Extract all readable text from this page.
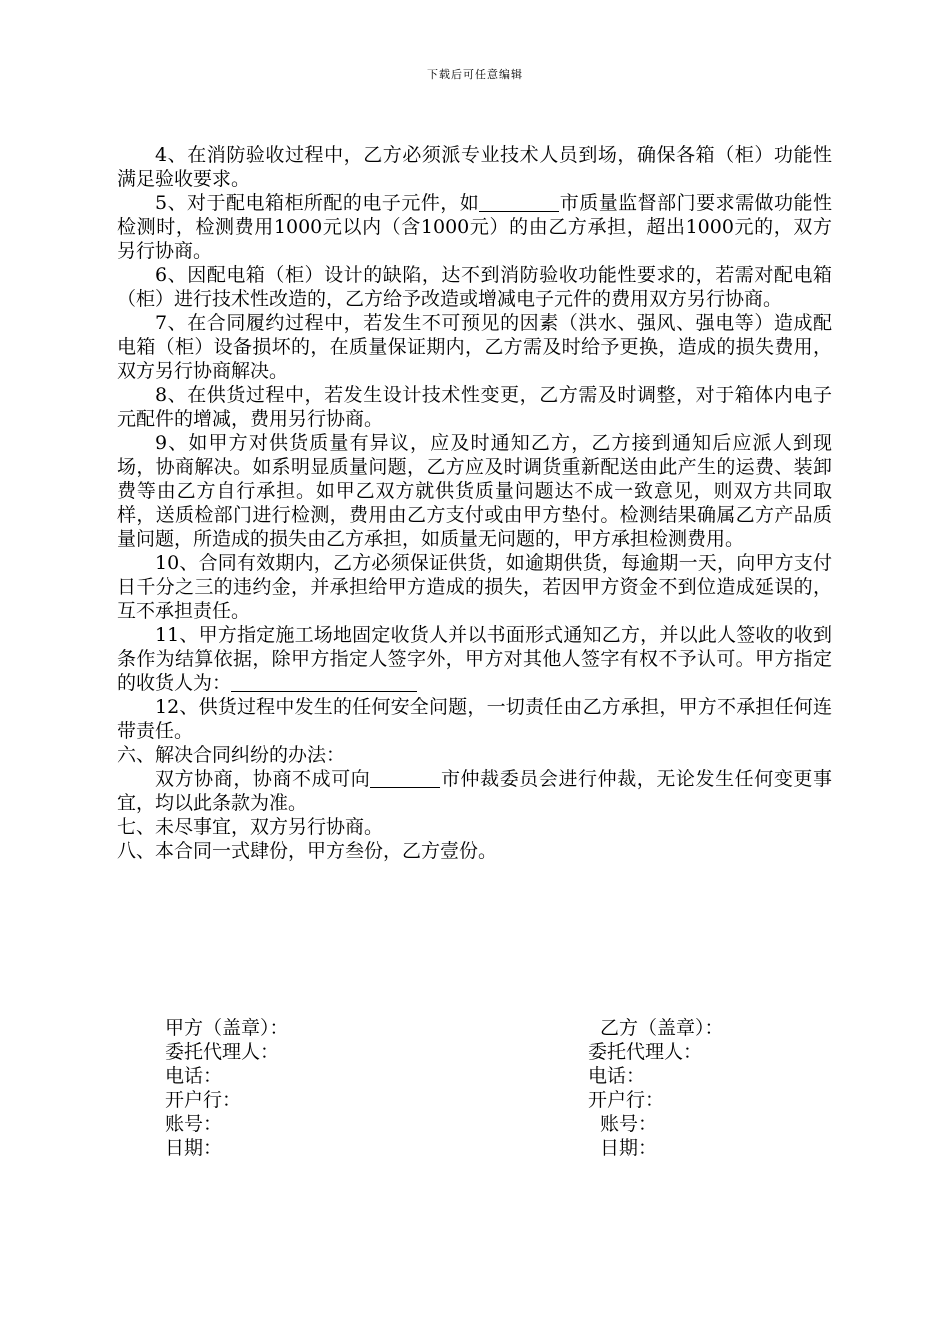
下载后可任意编辑

4、在消防验收过程中，乙方必须派专业技术人员到场，确保各箱（柜）功能性满足验收要求。

5、对于配电箱柜所配的电子元件，如	市质量监督部门要求需做功能性检测时，检测费用1000元以内（含1000元）的由乙方承担，超出1000元的，双方另行协商。

6、因配电箱（柜）设计的缺陷，达不到消防验收功能性要求的，若需对配电箱（柜）进行技术性改造的，乙方给予改造或增减电子元件的费用双方另行协商。

7、在合同履约过程中，若发生不可预见的因素（洪水、强风、强电等）造成配电箱（柜）设备损坏的，在质量保证期内，乙方需及时给予更换，造成的损失费用，双方另行协商解决。

8、在供货过程中，若发生设计技术性变更，乙方需及时调整，对于箱体内电子元配件的增减，费用另行协商。

9、如甲方对供货质量有异议，应及时通知乙方，乙方接到通知后应派人到现场，协商解决。如系明显质量问题，乙方应及时调货重新配送由此产生的运费、装卸费等由乙方自行承担。如甲乙双方就供货质量问题达不成一致意见，则双方共同取样，送质检部门进行检测，费用由乙方支付或由甲方垫付。检测结果确属乙方产品质量问题，所造成的损失由乙方承担，如质量无问题的，甲方承担检测费用。

10、合同有效期内，乙方必须保证供货，如逾期供货，每逾期一天，向甲方支付日千分之三的违约金，并承担给甲方造成的损失，若因甲方资金不到位造成延误的，互不承担责任。

11、甲方指定施工场地固定收货人并以书面形式通知乙方，并以此人签收的收到条作为结算依据，除甲方指定人签字外，甲方对其他人签字有权不予认可。甲方指定的收货人为：

12、供货过程中发生的任何安全问题，一切责任由乙方承担，甲方不承担任何连带责任。

六、解决合同纠纷的办法：

双方协商，协商不成可向	市仲裁委员会进行仲裁，无论发生任何变更事宜，均以此条款为准。

七、未尽事宜，双方另行协商。

八、本合同一式肆份，甲方叁份，乙方壹份。

甲方（盖章）：
委托代理人：
电话：
开户行：
账号：
日期：
乙方（盖章）：
委托代理人：
电话：
开户行：
账号：
日期：
